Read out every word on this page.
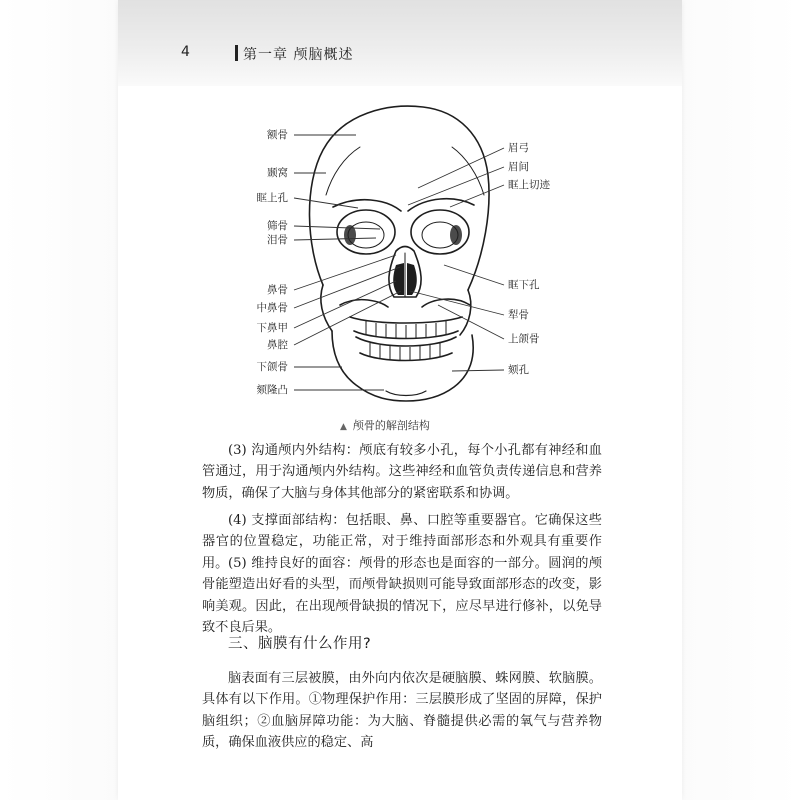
4	第一章 颅脑概述
额骨
颞窝
眶上孔
筛骨
泪骨
鼻骨
中鼻骨
下鼻甲
鼻腔
下颌骨
颏隆凸
眉弓
眉间
眶上切迹
眶下孔
犁骨
上颌骨
颏孔
▲ 颅骨的解剖结构

(3) 沟通颅内外结构：颅底有较多小孔，每个小孔都有神经和血管通过，用于沟通颅内外结构。这些神经和血管负责传递信息和营养物质，确保了大脑与身体其他部分的紧密联系和协调。

(4) 支撑面部结构：包括眼、鼻、口腔等重要器官。它确保这些器官的位置稳定，功能正常，对于维持面部形态和外观具有重要作用。 (5) 维持良好的面容：颅骨的形态也是面容的一部分。圆润的颅骨能塑造出好看的头型，而颅骨缺损则可能导致面部形态的改变，影响美观。因此，在出现颅骨缺损的情况下，应尽早进行修补，以免导致不良后果。

三、脑膜有什么作用?

脑表面有三层被膜，由外向内依次是硬脑膜、蛛网膜、软脑膜。具体有以下作用。①物理保护作用：三层膜形成了坚固的屏障，保护脑组织；②血脑屏障功能：为大脑、脊髓提供必需的氧气与营养物质，确保血液供应的稳定、高
